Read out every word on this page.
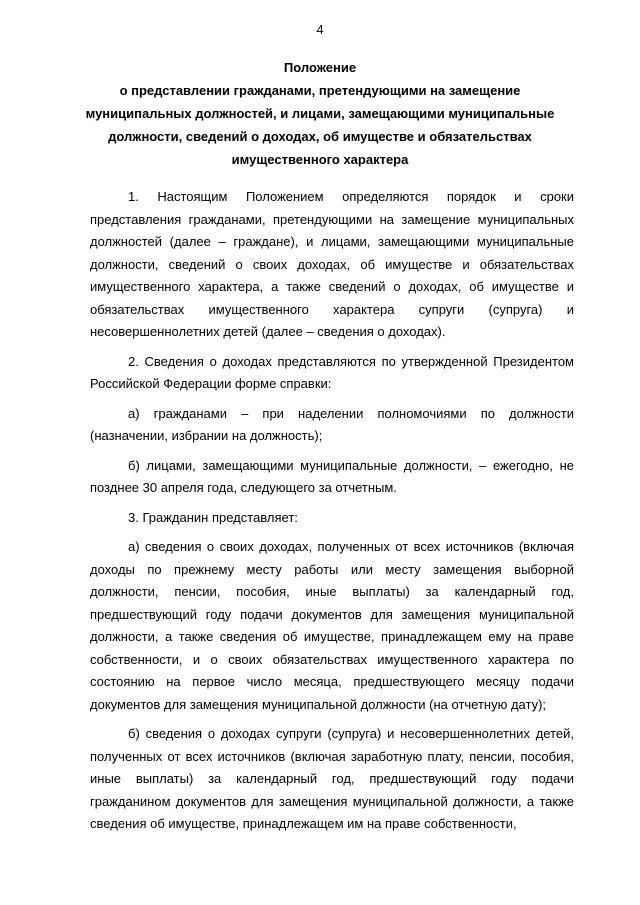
4
Положение
о представлении гражданами, претендующими на замещение
муниципальных должностей, и лицами, замещающими муниципальные
должности, сведений о доходах, об имуществе и обязательствах
имущественного характера

1. Настоящим Положением определяются порядок и сроки представления гражданами, претендующими на замещение муниципальных должностей (далее – граждане), и лицами, замещающими муниципальные должности, сведений о своих доходах, об имуществе и обязательствах имущественного характера, а также сведений о доходах, об имуществе и обязательствах имущественного характера супруги (супруга) и несовершеннолетних детей (далее – сведения о доходах).

2. Сведения о доходах представляются по утвержденной Президентом Российской Федерации форме справки:

а) гражданами – при наделении полномочиями по должности (назначении, избрании на должность);

б) лицами, замещающими муниципальные должности, – ежегодно, не позднее 30 апреля года, следующего за отчетным.

3. Гражданин представляет:

а) сведения о своих доходах, полученных от всех источников (включая доходы по прежнему месту работы или месту замещения выборной должности, пенсии, пособия, иные выплаты) за календарный год, предшествующий году подачи документов для замещения муниципальной должности, а также сведения об имуществе, принадлежащем ему на праве собственности, и о своих обязательствах имущественного характера по состоянию на первое число месяца, предшествующего месяцу подачи документов для замещения муниципальной должности (на отчетную дату);

б) сведения о доходах супруги (супруга) и несовершеннолетних детей, полученных от всех источников (включая заработную плату, пенсии, пособия, иные выплаты) за календарный год, предшествующий году подачи гражданином документов для замещения муниципальной должности, а также сведения об имуществе, принадлежащем им на праве собственности,
